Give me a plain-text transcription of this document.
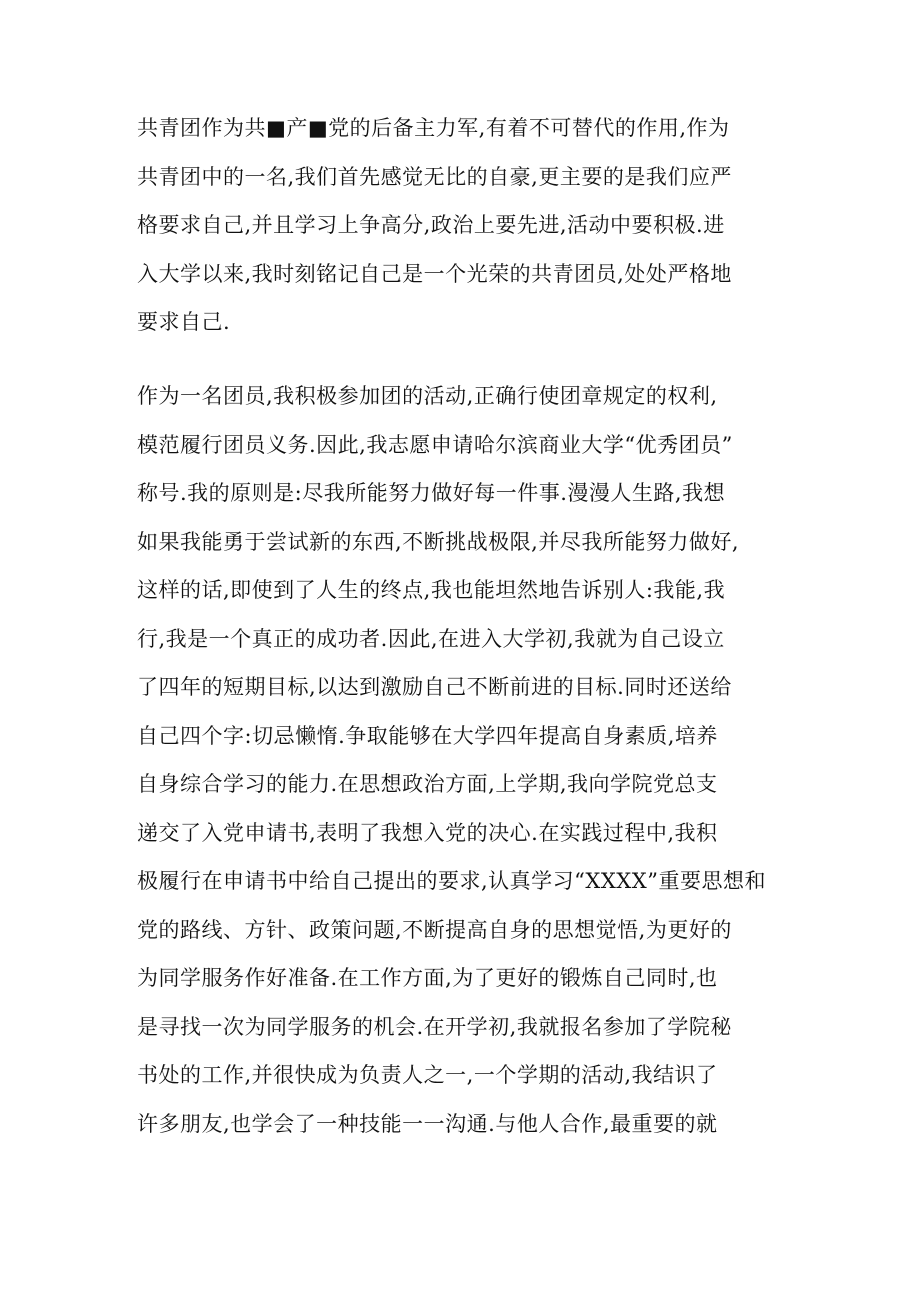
共青团作为共■产■党的后备主力军,有着不可替代的作用,作为
共青团中的一名,我们首先感觉无比的自豪,更主要的是我们应严
格要求自己,并且学习上争高分,政治上要先进,活动中要积极.进
入大学以来,我时刻铭记自己是一个光荣的共青团员,处处严格地
要求自己.

作为一名团员,我积极参加团的活动,正确行使团章规定的权利,
模范履行团员义务.因此,我志愿申请哈尔滨商业大学“优秀团员”
称号.我的原则是:尽我所能努力做好每一件事.漫漫人生路,我想
如果我能勇于尝试新的东西,不断挑战极限,并尽我所能努力做好,
这样的话,即使到了人生的终点,我也能坦然地告诉别人:我能,我
行,我是一个真正的成功者.因此,在进入大学初,我就为自己设立
了四年的短期目标,以达到激励自己不断前进的目标.同时还送给
自己四个字:切忌懒惰.争取能够在大学四年提高自身素质,培养
自身综合学习的能力.在思想政治方面,上学期,我向学院党总支
递交了入党申请书,表明了我想入党的决心.在实践过程中,我积
极履行在申请书中给自己提出的要求,认真学习“XXXX”重要思想和
党的路线、方针、政策问题,不断提高自身的思想觉悟,为更好的
为同学服务作好准备.在工作方面,为了更好的锻炼自己同时,也
是寻找一次为同学服务的机会.在开学初,我就报名参加了学院秘
书处的工作,并很快成为负责人之一,一个学期的活动,我结识了
许多朋友,也学会了一种技能一一沟通.与他人合作,最重要的就
